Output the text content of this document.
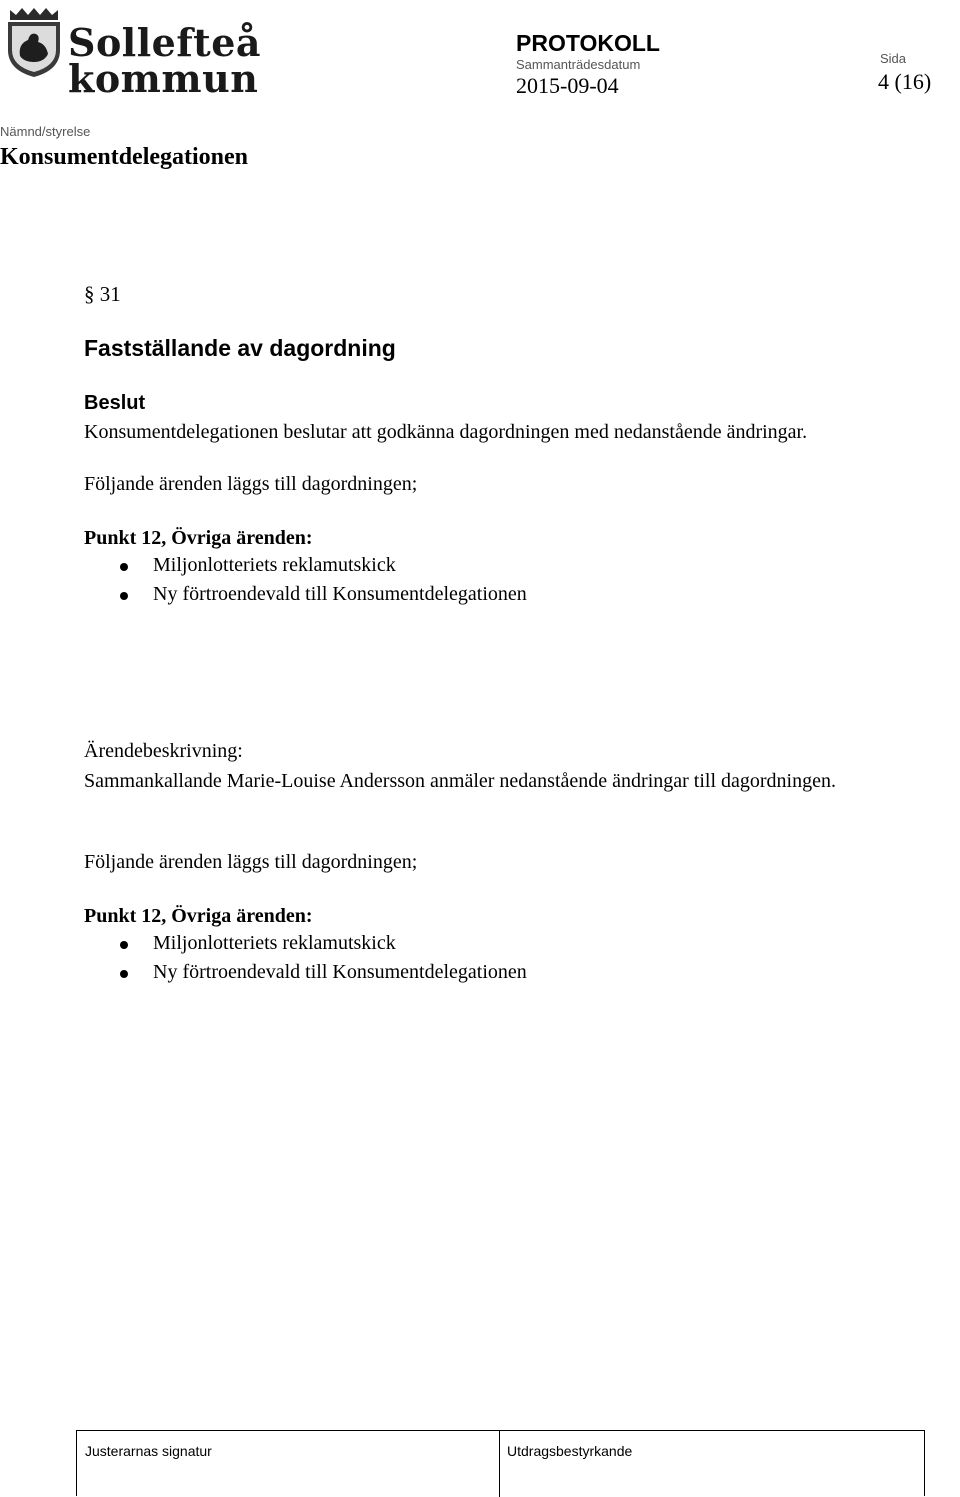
Sollefteå
kommun
PROTOKOLL
Sammanträdesdatum
2015-09-04
Sida
4 (16)
Nämnd/styrelse
Konsumentdelegationen
§ 31
Fastställande av dagordning
Beslut
Konsumentdelegationen beslutar att godkänna dagordningen med nedanstående ändringar.
Följande ärenden läggs till dagordningen;
Punkt 12, Övriga ärenden:
Miljonlotteriets reklamutskick
Ny förtroendevald till Konsumentdelegationen
Ärendebeskrivning:
Sammankallande Marie-Louise Andersson anmäler nedanstående ändringar till dagordningen.
Följande ärenden läggs till dagordningen;
Punkt 12, Övriga ärenden:
Miljonlotteriets reklamutskick
Ny förtroendevald till Konsumentdelegationen
Justerarnas signatur	Utdragsbestyrkande
